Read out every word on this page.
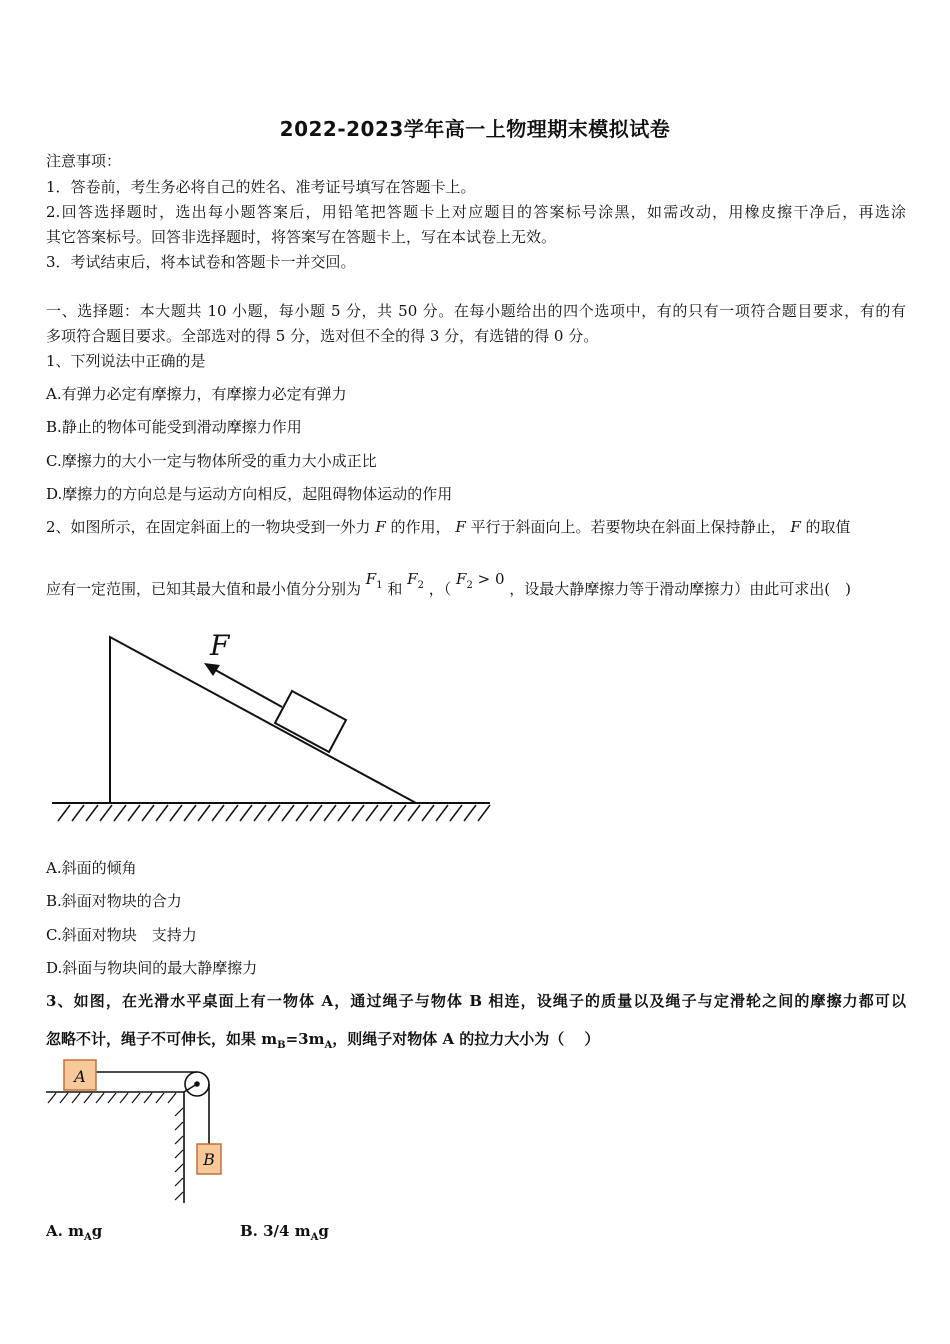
2022-2023学年高一上物理期末模拟试卷
注意事项：
1．答卷前，考生务必将自己的姓名、准考证号填写在答题卡上。
2.回答选择题时，选出每小题答案后，用铅笔把答题卡上对应题目的答案标号涂黑，如需改动，用橡皮擦干净后，再选涂
其它答案标号。回答非选择题时，将答案写在答题卡上，写在本试卷上无效。
3．考试结束后，将本试卷和答题卡一并交回。
一、选择题：本大题共 10 小题，每小题 5 分，共 50 分。在每小题给出的四个选项中，有的只有一项符合题目要求，有的有
多项符合题目要求。全部选对的得 5 分，选对但不全的得 3 分，有选错的得 0 分。
1、下列说法中正确的是
A.有弹力必定有摩擦力，有摩擦力必定有弹力
B.静止的物体可能受到滑动摩擦力作用
C.摩擦力的大小一定与物体所受的重力大小成正比
D.摩擦力的方向总是与运动方向相反，起阻碍物体运动的作用
2、如图所示，在固定斜面上的一物块受到一外力 F 的作用， F 平行于斜面向上。若要物块在斜面上保持静止， F 的取值
应有一定范围，已知其最大值和最小值分分别为 $F_1$ 和 $F_2$ ，（ $F_2 > 0$ ，设最大静摩擦力等于滑动摩擦力）由此可求出(　)
F
A.斜面的倾角
B.斜面对物块的合力
C.斜面对物块　支持力
D.斜面与物块间的最大静摩擦力
3、如图，在光滑水平桌面上有一物体 A，通过绳子与物体 B 相连，设绳子的质量以及绳子与定滑轮之间的摩擦力都可以
忽略不计，绳子不可伸长，如果 $m_B=3m_A$，则绳子对物体 A 的拉力大小为（　 ）
A
B
A. $m_Ag$	B. 3/4 $m_Ag$
